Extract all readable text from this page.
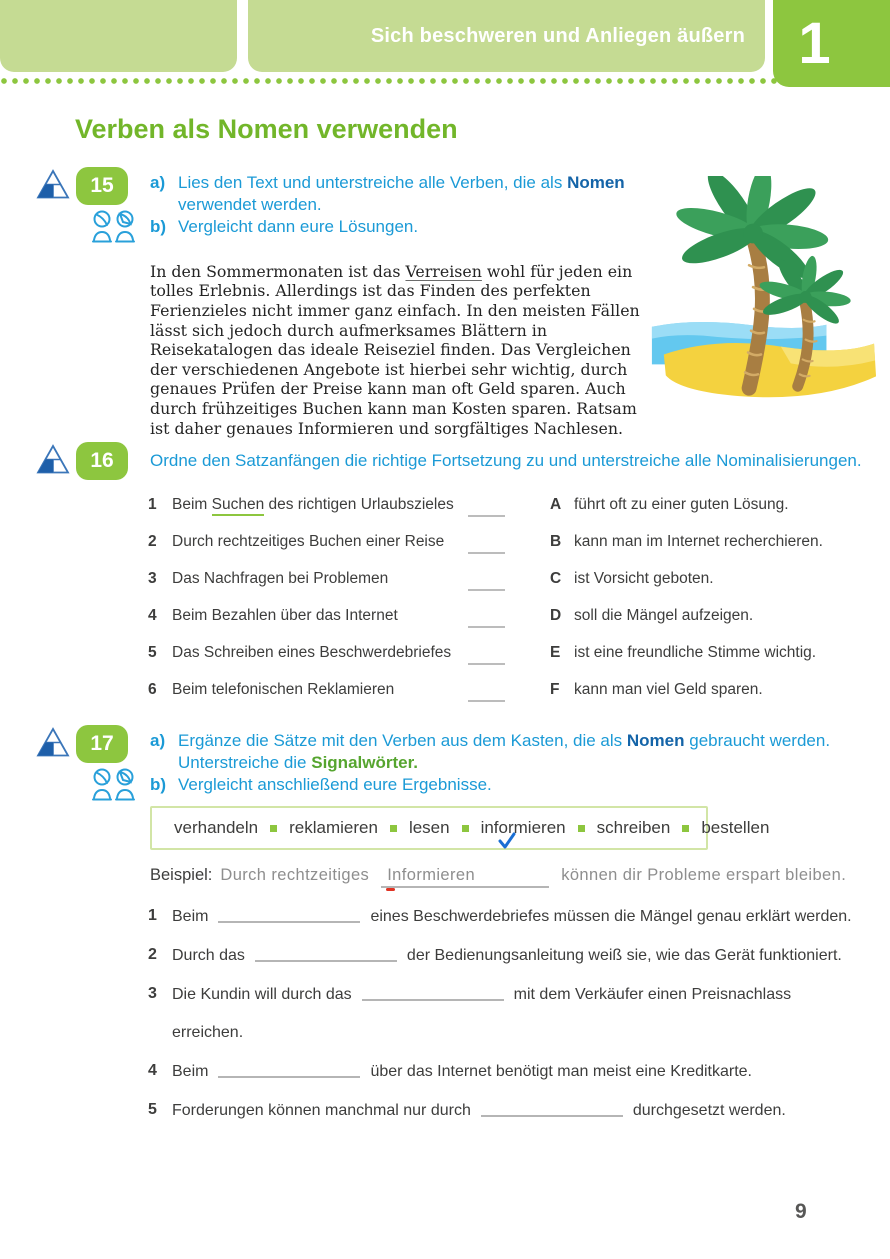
Sich beschweren und Anliegen äußern 1
Verben als Nomen verwenden
15 a) Lies den Text und unterstreiche alle Verben, die als Nomen
verwendet werden.
b) Vergleicht dann eure Lösungen.

In den Sommermonaten ist das Verreisen wohl für jeden ein tolles Erlebnis. Allerdings ist das Finden des perfekten Ferienzieles nicht immer ganz einfach. In den meisten Fällen lässt sich jedoch durch aufmerksames Blättern in Reisekatalogen das ideale Reiseziel finden. Das Vergleichen der verschiedenen Angebote ist hierbei sehr wichtig, durch genaues Prüfen der Preise kann man oft Geld sparen. Auch durch frühzeitiges Buchen kann man Kosten sparen. Ratsam ist daher genaues Informieren und sorgfältiges Nachlesen.

16 Ordne den Satzanfängen die richtige Fortsetzung zu und unterstreiche alle Nominalisierungen.
1 Beim Suchen des richtigen Urlaubszieles	A führt oft zu einer guten Lösung.
2 Durch rechtzeitiges Buchen einer Reise	B kann man im Internet recherchieren.
3 Das Nachfragen bei Problemen	C ist Vorsicht geboten.
4 Beim Bezahlen über das Internet	D soll die Mängel aufzeigen.
5 Das Schreiben eines Beschwerdebriefes	E ist eine freundliche Stimme wichtig.
6 Beim telefonischen Reklamieren	F kann man viel Geld sparen.
17 a) Ergänze die Sätze mit den Verben aus dem Kasten, die als Nomen gebraucht werden.
Unterstreiche die Signalwörter.
b) Vergleicht anschließend eure Ergebnisse.
verhandeln reklamieren lesen informieren schreiben bestellen
Beispiel: Durch rechtzeitiges	Informieren	können dir Probleme erspart bleiben.
1 Beim	eines Beschwerdebriefes müssen die Mängel genau erklärt werden.
2 Durch das	der Bedienungsanleitung weiß sie, wie das Gerät funktioniert.
3 Die Kundin will durch das	mit dem Verkäufer einen Preisnachlass
erreichen.
4 Beim	über das Internet benötigt man meist eine Kreditkarte.
5 Forderungen können manchmal nur durch	durchgesetzt werden.
9
